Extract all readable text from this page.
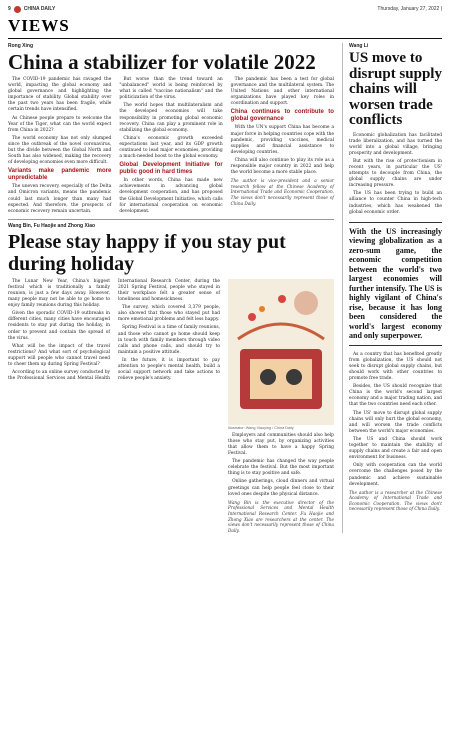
9	CHINA DAILY	Thursday, January 27, 2022 |
VIEWS
Rong Xing
China a stabilizer for volatile 2022

The COVID-19 pandemic has ravaged the world, impacting the global economy and global governance and highlighting the importance of stability. Global stability over the past two years has been fragile, while certain trends have intensified.

As Chinese people prepare to welcome the Year of the Tiger, what can the world expect from China in 2022?

The world economy has not only slumped since the outbreak of the novel coronavirus, but the divide between the Global North and South has also widened, making the recovery of developing economies even more difficult.

Variants make pandemic more unpredictable

The uneven recovery, especially of the Delta and Omicron variants, means the pandemic could last much longer than many had expected. And therefore, the prospects of economic recovery remain uncertain.

But worse than the trend toward an "unbalanced" world is being reinforced by what is called "vaccine nationalism" and the politicization of the virus.

The world hopes that multilateralism and the developed economies will take responsibility in promoting global economic recovery. China can play a prominent role in stabilizing the global economy.

China's economic growth exceeded expectations last year, and its GDP growth continued to lead major economies, providing a much-needed boost to the global economy.

Global Development Initiative for public good in hard times

In other words, China has made new achievements in advancing global development cooperation, and has proposed the Global Development Initiative, which calls for international cooperation on economic development.

The pandemic has been a test for global governance and the multilateral system. The United Nations and other international organizations have played key roles in coordination and support.

China continues to contribute to global governance

With the UN's support China has become a major force in helping countries cope with the pandemic, providing vaccines, medical supplies and financial assistance to developing countries.

China will also continue to play its role as a responsible major country in 2022 and help the world become a more stable place.

The author is vice-president and a senior research fellow at the Chinese Academy of International Trade and Economic Cooperation. The views don't necessarily represent those of China Daily.
Wang Bin, Fu Haojie and Zhong Xiao
Please stay happy if you stay put during holiday

The Lunar New Year, China's biggest festival which is traditionally a family reunion, is just a few days away. However, many people may not be able to go home to enjoy family reunions during this holiday.

Given the sporadic COVID-19 outbreaks in different cities, many cities have encouraged residents to stay put during the holiday, in order to prevent and contain the spread of the virus.

What will be the impact of the travel restrictions? And what sort of psychological support will people who cannot travel need to cheer them up during Spring Festival?

According to an online survey conducted by the Professional Services and Mental Health International Research Center, during the 2021 Spring Festival, people who stayed in their workplace felt a greater sense of loneliness and homesickness.

The survey, which covered 3,379 people, also showed that those who stayed put had more emotional problems and felt less happy.

Spring Festival is a time of family reunions, and those who cannot go home should keep in touch with family members through video calls and phone calls, and should try to maintain a positive attitude.

In the future, it is important to pay attention to people's mental health, build a social support network and take actions to relieve people's anxiety.

Illustrator: Wang Xiaoying / China Daily

Employers and communities should also help those who stay put, by organizing activities that allow them to have a happy Spring Festival.

The pandemic has changed the way people celebrate the festival. But the most important thing is to stay positive and safe.

Online gatherings, cloud dinners and virtual greetings can help people feel close to their loved ones despite the physical distance.

Wang Bin is the executive director of the Professional Services and Mental Health International Research Center. Fu Haojie and Zhong Xiao are researchers at the center. The views don't necessarily represent those of China Daily.
Wang Li
US move to disrupt supply chains will worsen trade conflicts

Economic globalization has facilitated trade liberalization, and has turned the world into a global village, bringing prosperity and development.

But with the rise of protectionism in recent years, in particular the US' attempts to decouple from China, the global supply chains are under increasing pressure.

The US has been trying to build an alliance to counter China in high-tech industries, which has weakened the global economic order.

With the US increasingly viewing globalization as a zero-sum game, the economic competition between the world's two largest economies will further intensify. The US is highly vigilant of China's rise, because it has long been considered the world's largest economy and only superpower.

As a country that has benefited greatly from globalization, the US should not seek to disrupt global supply chains, but should work with other countries to promote free trade.

Besides, the US should recognize that China is the world's second largest economy and a major trading nation, and that the two countries need each other.

The US' move to disrupt global supply chains will only hurt the global economy, and will worsen the trade conflicts between the world's major economies.

The US and China should work together to maintain the stability of supply chains and create a fair and open environment for business.

Only with cooperation can the world overcome the challenges posed by the pandemic and achieve sustainable development.

The author is a researcher at the Chinese Academy of International Trade and Economic Cooperation. The views don't necessarily represent those of China Daily.
